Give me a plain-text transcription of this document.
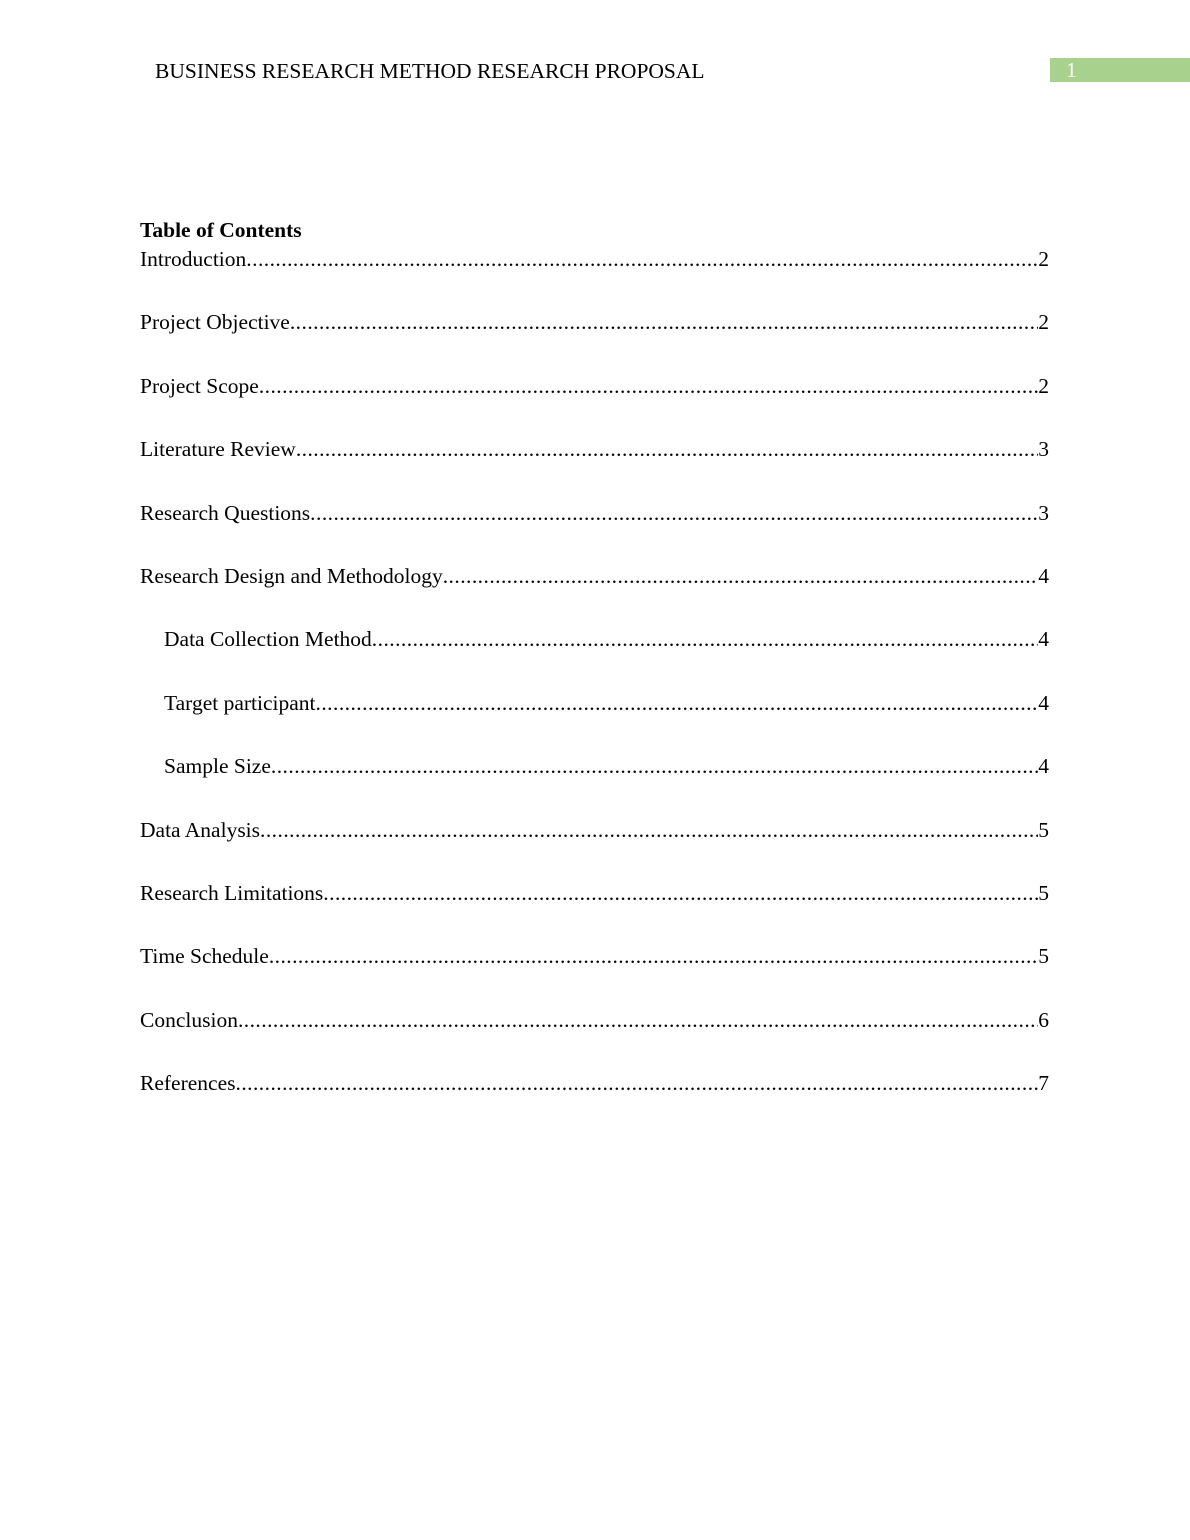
BUSINESS RESEARCH METHOD RESEARCH PROPOSAL	1
Table of Contents
Introduction .....	2
Project Objective .....	2
Project Scope .....	2
Literature Review .....	3
Research Questions .....	3
Research Design and Methodology .....	4
Data Collection Method .....	4
Target participant .....	4
Sample Size .....	4
Data Analysis .....	5
Research Limitations .....	5
Time Schedule .....	5
Conclusion .....	6
References .....	7
